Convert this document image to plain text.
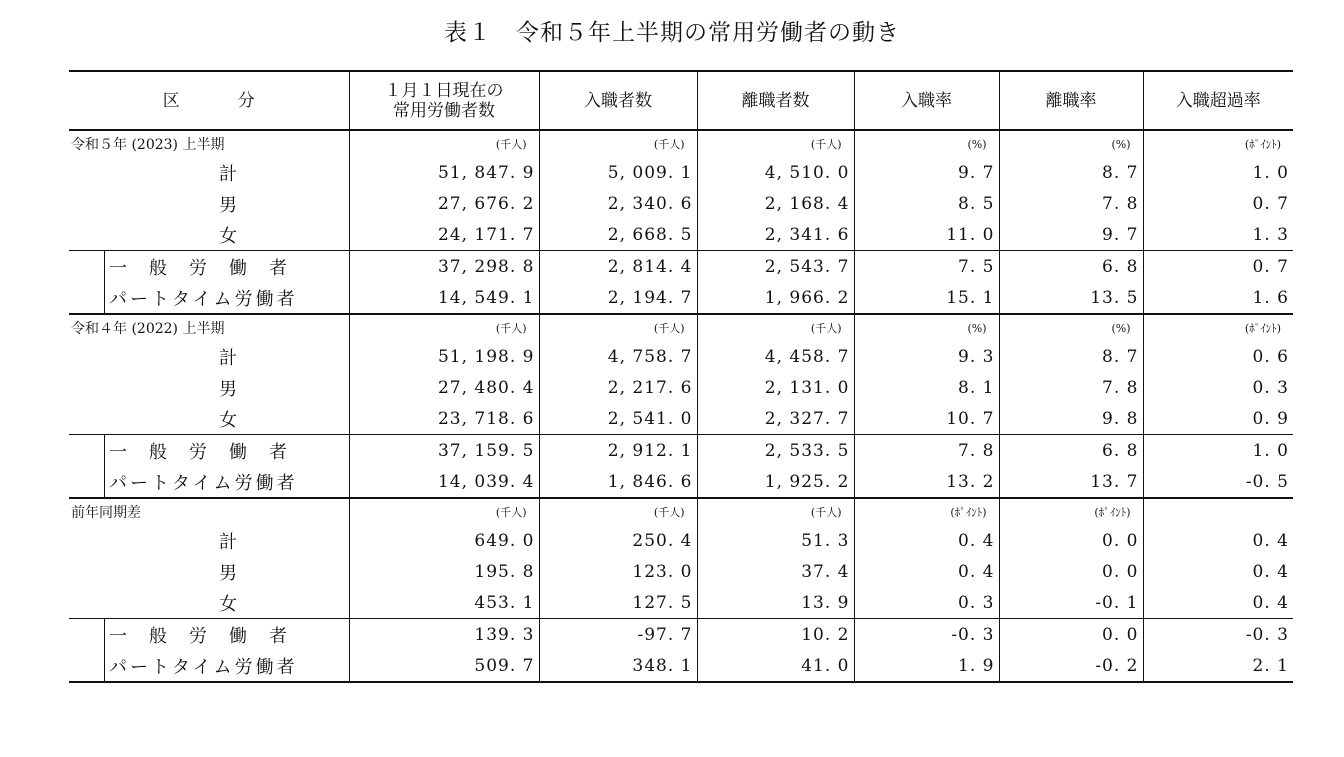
表１　令和５年上半期の常用労働者の動き
区 分	１月１日現在の
常用労働者数	入職者数	離職者数	入職率	離職率	入職超過率
令和５年 (2023) 上半期	(千人)	(千人)	(千人)	(%)	(%)	(ﾎﾟｲﾝﾄ)

計	51, 847. 9	5, 009. 1	4, 510. 0	9. 7	8. 7	1. 0

男	27, 676. 2	2, 340. 6	2, 168. 4	8. 5	7. 8	0. 7

女	24, 171. 7	2, 668. 5	2, 341. 6	11. 0	9. 7	1. 3

一般労働者	37, 298. 8	2, 814. 4	2, 543. 7	7. 5	6. 8	0. 7

パートタイム労働者	14, 549. 1	2, 194. 7	1, 966. 2	15. 1	13. 5	1. 6
令和４年 (2022) 上半期	(千人)	(千人)	(千人)	(%)	(%)	(ﾎﾟｲﾝﾄ)

計	51, 198. 9	4, 758. 7	4, 458. 7	9. 3	8. 7	0. 6

男	27, 480. 4	2, 217. 6	2, 131. 0	8. 1	7. 8	0. 3

女	23, 718. 6	2, 541. 0	2, 327. 7	10. 7	9. 8	0. 9

一般労働者	37, 159. 5	2, 912. 1	2, 533. 5	7. 8	6. 8	1. 0

パートタイム労働者	14, 039. 4	1, 846. 6	1, 925. 2	13. 2	13. 7	-0. 5
前年同期差	(千人)	(千人)	(千人)	(ﾎﾟｲﾝﾄ)	(ﾎﾟｲﾝﾄ)	

計	649. 0	250. 4	51. 3	0. 4	0. 0	0. 4

男	195. 8	123. 0	37. 4	0. 4	0. 0	0. 4

女	453. 1	127. 5	13. 9	0. 3	-0. 1	0. 4

一般労働者	139. 3	-97. 7	10. 2	-0. 3	0. 0	-0. 3

パートタイム労働者	509. 7	348. 1	41. 0	1. 9	-0. 2	2. 1
